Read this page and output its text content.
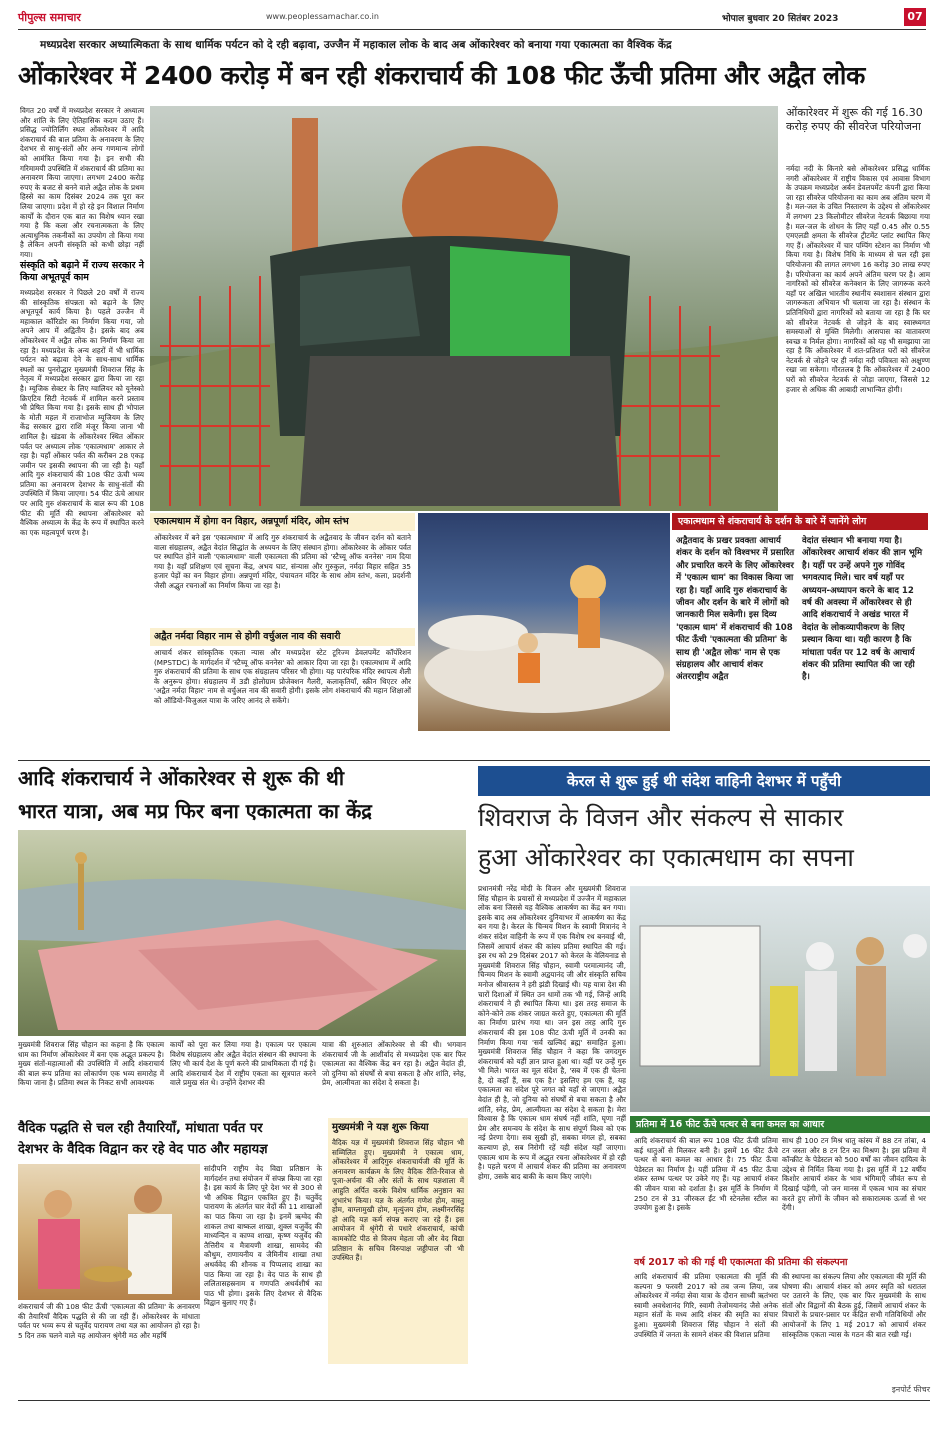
पीपुल्स समाचार	www.peoplessamachar.co.in	भोपाल बुधवार 20 सितंबर 2023	07
मध्यप्रदेश सरकार अध्यात्मिकता के साथ धार्मिक पर्यटन को दे रही बढ़ावा, उज्जैन में महाकाल लोक के बाद अब ओंकारेश्वर को बनाया गया एकात्मता का वैश्विक केंद्र
ओंकारेश्वर में 2400 करोड़ में बन रही शंकराचार्य की 108 फीट ऊँची प्रतिमा और अद्वैत लोक
विगत 20 वर्षों में मध्यप्रदेश सरकार ने अध्यात्म और शांति के लिए ऐतिहासिक कदम उठाए हैं। प्रसिद्ध ज्योतिर्लिंग स्थल ओंकारेश्वर में आदि शंकराचार्य की बाल प्रतिमा के अनावरण के लिए देशभर से साधु-संतों और अन्य गणमान्य लोगों को आमंत्रित किया गया है। इन सभी की गरिमामयी उपस्थिति में शंकराचार्य की प्रतिमा का अनावरण किया जाएगा। लगभग 2400 करोड़ रुपए के बजट से बनने वाले अद्वैत लोक के प्रथम हिस्से का काम दिसंबर 2024 तक पूरा कर लिया जाएगा। प्रदेश में हो रहे इन विशाल निर्माण कार्यों के दौरान एक बात का विशेष ध्यान रखा गया है कि कला और रचनात्मकता के लिए अत्याधुनिक तकनीकों का उपयोग तो किया गया है लेकिन अपनी संस्कृति को कभी छोड़ा नहीं गया।
संस्कृति को बढ़ाने में राज्य सरकार ने किया अभूतपूर्व काम
मध्यप्रदेश सरकार ने पिछले 20 वर्षों में राज्य की सांस्कृतिक संपन्नता को बढ़ाने के लिए अभूतपूर्व कार्य किया है। पहले उज्जैन में महाकाल कॉरिडोर का निर्माण किया गया, जो अपने आप में अद्वितीय है। इसके बाद अब ओंकारेश्वर में अद्वैत लोक का निर्माण किया जा रहा है। मध्यप्रदेश के अन्य शहरों में भी धार्मिक पर्यटन को बढ़ावा देने के साथ-साथ धार्मिक स्थलों का पुनरोद्धार मुख्यमंत्री शिवराज सिंह के नेतृत्व में मध्यप्रदेश सरकार द्वारा किया जा रहा है। म्यूजिक सेक्टर के लिए ग्वालियर को यूनेस्को क्रिएटिव सिटी नेटवर्क में शामिल करने प्रस्ताव भी प्रेषित किया गया है। इसके साथ ही भोपाल के मोती महल में राजाभोज म्यूजियम के लिए केंद्र सरकार द्वारा राशि मंजूर किया जाना भी शामिल है। खंडवा के ओंकारेश्वर स्थित ओंकार पर्वत पर अध्यात्म लोक 'एकात्मधाम' आकार ले रहा है। यहाँ ओंकार पर्वत की करीबन 28 एकड़ जमीन पर इसकी स्थापना की जा रही है। यहाँ आदि गुरु शंकराचार्य की 108 फीट ऊंची भव्य प्रतिमा का अनावरण देशभर के साधु-संतों की उपस्थिति में किया जाएगा। 54 फीट ऊंचे आधार पर आदि गुरु शंकराचार्य के बाल रूप की 108 फीट की मूर्ति की स्थापना ओंकारेश्वर को वैश्विक अध्यात्म के केंद्र के रूप में स्थापित करने का एक महत्वपूर्ण चरण है।
ओंकारेश्वर में शुरू की गई 16.30 करोड़ रुपए की सीवरेज परियोजना
नर्मदा नदी के किनारे बसे ओंकारेश्वर प्रसिद्ध धार्मिक नगरी ओंकारेश्वर में राष्ट्रीय विकास एवं आवास विभाग के उपक्रम मध्यप्रदेश अर्बन डेवलपमेंट कंपनी द्वारा किया जा रहा सीवरेज परियोजना का काम अब अंतिम चरण में है। मल-जल के उचित निस्तारण के उद्देश्य से ओंकारेश्वर में लगभग 23 किलोमीटर सीवरेज नेटवर्क बिछाया गया है। मल-जल के शोधन के लिए यहाँ 0.45 और 0.55 एमएलडी क्षमता के सीवरेज ट्रीटमेंट प्लांट स्थापित किए गए हैं। ओंकारेश्वर में चार पम्पिंग स्टेशन का निर्माण भी किया गया है। विशेष निधि के माध्यम से चल रही इस परियोजना की लागत लगभग 16 करोड़ 30 लाख रुपए है। परियोजना का कार्य अपने अंतिम चरण पर है। आम नागरिकों को सीवरेज कनेक्शन के लिए जागरूक करने यहाँ पर अखिल भारतीय स्थानीय स्वशासन संस्थान द्वारा जागरूकता अभियान भी चलाया जा रहा है। संस्थान के प्रतिनिधियों द्वारा नागरिकों को बताया जा रहा है कि घर को सीवरेज नेटवर्क से जोड़ने के बाद स्वास्थ्यगत समस्याओं से मुक्ति मिलेगी। आसपास का वातावरण स्वच्छ व निर्मल होगा। नागरिकों को यह भी समझाया जा रहा है कि ओंकारेश्वर में शत-प्रतिशत घरों को सीवरेज नेटवर्क से जोड़ने पर ही नर्मदा नदी पवित्रता को अक्षुण्ण रखा जा सकेगा। गौरतलब है कि ओंकारेश्वर में 2400 घरों को सीवरेज नेटवर्क से जोड़ा जाएगा, जिससे 12 हजार से अधिक की आबादी लाभान्वित होगी।
एकात्मधाम में होगा वन विहार, अन्नपूर्णा मंदिर, ओम स्तंभ
ओंकारेश्वर में बने इस 'एकात्मधाम' में आदि गुरु शंकराचार्य के अद्वैतवाद के जीवन दर्शन को बताने वाला संग्रहालय, अद्वैत वेदांत सिद्धांत के अध्ययन के लिए संस्थान होगा। ओंकारेश्वर के ओंकार पर्वत पर स्थापित होने वाली 'एकात्मधाम' वाली एकात्मता की प्रतिमा को 'स्टैच्यू ऑफ वननेस' नाम दिया गया है। यहाँ प्रशिक्षण एवं सूचना केंद्र, अभय घाट, संन्यास और गुरुकुल, नर्मदा विहार सहित 35 हजार पेड़ों का वन विहार होगा। अन्नपूर्णा मंदिर, पंचायतन मंदिर के साथ ओम स्तंभ, कला, प्रदर्शनी जैसी अद्भुत रचनाओं का निर्माण किया जा रहा है।
अद्वैत नर्मदा विहार नाम से होगी वर्चुअल नाव की सवारी
आचार्य शंकर सांस्कृतिक एकता न्यास और मध्यप्रदेश स्टेट टूरिज्म डेवलपमेंट कॉर्पोरेशन (MPSTDC) के मार्गदर्शन में 'स्टैच्यू ऑफ वननेस' को आकार दिया जा रहा है। एकात्मधाम में आदि गुरु शंकराचार्य की प्रतिमा के साथ एक संग्रहालय परिसर भी होगा। यह पारंपरिक मंदिर स्थापत्य शैली के अनुरूप होगा। संग्रहालय में 3डी होलोग्राम प्रोजेक्शन गैलरी, कलाकृतियाँ, स्क्रीन थिएटर और 'अद्वैत नर्मदा विहार' नाम से वर्चुअल नाव की सवारी होगी। इसके लोग शंकराचार्य की महान शिक्षाओं को ऑडियो-विजुअल यात्रा के जरिए आनंद ले सकेंगे।
एकात्मधाम से शंकराचार्य के दर्शन के बारे में जानेंगे लोग
अद्वैतवाद के प्रखर प्रवक्ता आचार्य शंकर के दर्शन को विश्वभर में प्रसारित और प्रचारित करने के लिए ओंकारेश्वर में 'एकात्म धाम' का विकास किया जा रहा है। यहाँ आदि गुरु शंकराचार्य के जीवन और दर्शन के बारे में लोगों को जानकारी मिल सकेगी। इस दिव्य 'एकात्म धाम' में शंकराचार्य की 108 फीट ऊँची 'एकात्मता की प्रतिमा' के साथ ही 'अद्वैत लोक' नाम से एक संग्रहालय और आचार्य शंकर अंतरराष्ट्रीय अद्वैत
वेदांत संस्थान भी बनाया गया है। ओंकारेश्वर आचार्य शंकर की ज्ञान भूमि है। यहीं पर उन्हें अपने गुरु गोविंद भगवत्पाद मिले। चार वर्ष यहाँ पर अध्ययन-अध्यापन करने के बाद 12 वर्ष की अवस्था में ओंकारेश्वर से ही आदि शंकराचार्य ने अखंड भारत में वेदांत के लोकव्यापीकरण के लिए प्रस्थान किया था। यही कारण है कि मांधाता पर्वत पर 12 वर्ष के आचार्य शंकर की प्रतिमा स्थापित की जा रही है।
आदि शंकराचार्य ने ओंकारेश्वर से शुरू की थी
भारत यात्रा, अब मप्र फिर बना एकात्मता का केंद्र
मुख्यमंत्री शिवराज सिंह चौहान का कहना है कि एकात्म धाम का निर्माण ओंकारेश्वर में बना एक अद्भुत प्रकल्प है। मुख्य संतों-महात्माओं की उपस्थिति में आदि शंकराचार्य की बाल रूप प्रतिमा का लोकार्पण एक भव्य समारोह में किया जाना है। प्रतिमा स्थल के निकट सभी आवश्यक
कार्यों को पूरा कर लिया गया है। एकात्म पर एकात्म विशेष संग्रहालय और अद्वैत वेदांत संस्थान की स्थापना के लिए भी कार्य देश के पूर्ण करने की प्राथमिकता दी गई है। आदि शंकराचार्य देश में राष्ट्रीय एकता का सूत्रपात करने वाले प्रमुख संत थे। उन्होंने देशभर की
यात्रा की शुरुआत ओंकारेश्वर से की थी। भगवान शंकराचार्य जी के आशीर्वाद से मध्यप्रदेश एक बार फिर एकात्मता का वैश्विक केंद्र बन रहा है। अद्वैत वेदांत ही, जो दुनिया को संघर्षों से बचा सकता है और शांति, स्नेह, प्रेम, आत्मीयता का संदेश दे सकता है।
केरल से शुरू हुई थी संदेश वाहिनी देशभर में पहुँची
शिवराज के विजन और संकल्प से साकार
हुआ ओंकारेश्वर का एकात्मधाम का सपना
प्रधानमंत्री नरेंद्र मोदी के विजन और मुख्यमंत्री शिवराज सिंह चौहान के प्रयासों से मध्यप्रदेश में उज्जैन में महाकाल लोक बना जिससे यह वैश्विक आकर्षण का केंद्र बन गया। इसके बाद अब ओंकारेश्वर दुनियाभर में आकर्षण का केंद्र बन गया है। केरल के चिन्मय मिशन के स्वामी मित्रानंद ने शंकर संदेश वाहिनी के रूप में एक विशेष रथ बनवाई थी, जिसमें आचार्य शंकर की कांस्य प्रतिमा स्थापित की गई। इस रथ को 29 दिसंबर 2017 को केरल के वेलियनाड से मुख्यमंत्री शिवराज सिंह चौहान, स्वामी परमात्मानंद जी, चिन्मय मिशन के स्वामी अद्वयानंद जी और संस्कृति सचिव मनोज श्रीवास्तव ने हरी झंडी दिखाई थी। यह यात्रा देश की चारों दिशाओं में स्थित उन धामों तक भी गई, जिन्हें आदि शंकराचार्य ने ही स्थापित किया था। इस तरह समाज के कोने-कोने तक शंकर जाग्रत करते हुए, एकात्मता की मूर्ति का निर्माण प्रारंभ गया था। जन इस तरह आदि गुरु शंकराचार्य की इस 108 फीट ऊंची मूर्ति में उनकी का निर्माण किया गया 'सर्व खल्विदं ब्रह्म' समाहित हुआ। मुख्यमंत्री शिवराज सिंह चौहान ने कहा कि जगदगुरु शंकराचार्य को यहीं ज्ञान प्राप्त हुआ था। यहीं पर उन्हें गुरु भी मिले। भारत का मूल संदेश है, 'सब में एक ही चेतना है, दो कहाँ हैं, सब एक है।' इसलिए हम एक हैं, यह एकात्मता का संदेश पूरे जगत को यहाँ से जाएगा। अद्वैत वेदांत ही है, जो दुनिया को संघर्षों से बचा सकता है और शांति, स्नेह, प्रेम, आत्मीयता का संदेश दे सकता है। मेरा विश्वास है कि एकात्म धाम संघर्ष नहीं शांति, घृणा नहीं प्रेम और समन्वय के संदेश के साथ संपूर्ण विश्व को एक नई प्रेरणा देगा। सब सुखी हों, सबका मंगल हो, सबका कल्याण हो, सब निरोगी रहें यही संदेश यहाँ जाएगा। एकात्म धाम के रूप में अद्भुत रचना ओंकारेश्वर में हो रही है। पहले चरण में आचार्य शंकर की प्रतिमा का अनावरण होगा, उसके बाद बाकी के काम किए जाएंगे।
प्रतिमा में 16 फीट ऊँचे पत्थर से बना कमल का आधार
आदि शंकराचार्य की बाल रूप 108 फीट ऊँची प्रतिमा कई धातुओं से मिलकर बनी है। इसमें 16 फीट ऊँचे पत्थर से बना कमल का आधार है। 75 फीट ऊँचा पेडेस्टल का निर्माण है। यहीं प्रतिमा में 45 फीट ऊँचा शंकर स्तम्भ पत्थर पर उकेरे गए हैं। यह आचार्य शंकर की जीवन यात्रा को दर्शाता है। इस मूर्ति के निर्माण में 250 टन से 31 जीरकल ईंट भी स्टेनलेस स्टील का उपयोग हुआ है। इसके
साथ ही 100 टन मिश्र धातु कांस्य में 88 टन तांबा, 4 टन जस्ता और 8 टन टिन का मिश्रण है। इस प्रतिमा में कॉन्क्रीट के पेडेस्टल को 500 वर्षों का जीवन दायित्व के उद्देश्य से निर्मित किया गया है। इस मूर्ति में 12 वर्षीय किशोर आचार्य शंकर के भाव भंगिमाएँ जीवंत रूप से दिखाई पड़ेंगी, जो जन मानस में एकत्व भाव का संचार करते हुए लोगों के जीवन को सकारात्मक ऊर्जा से भर देंगी।
वैदिक पद्धति से चल रही तैयारियाँ, मांधाता पर्वत पर
देशभर के वैदिक विद्वान कर रहे वेद पाठ और महायज्ञ
शंकराचार्य जी की 108 फीट ऊँची 'एकात्मता की प्रतिमा' के अनावरण की तैयारियाँ वैदिक पद्धति से की जा रही हैं। ओंकारेश्वर के मांधाता पर्वत पर भव्य रूप से चतुर्वेद पारायण तथा यज्ञ का आयोजन हो रहा है। 5 दिन तक चलने वाले यह आयोजन श्रृंगेरी मठ और महर्षि
सांदीपनि राष्ट्रीय वेद विद्या प्रतिष्ठान के मार्गदर्शन तथा संयोजन में संपन्न किया जा रहा है। इस कार्य के लिए पूरे देश भर से 300 से भी अधिक विद्वान एकत्रित हुए हैं। चतुर्वेद पारायण के अंतर्गत चार वेदों की 11 शाखाओं का पाठ किया जा रहा है। इनमें ऋग्वेद की शाकल तथा बाष्कल शाखा, शुक्ल यजुर्वेद की माध्यन्दिन व काण्व शाखा, कृष्ण यजुर्वेद की तैत्तिरीय व मैत्रायणी शाखा, सामवेद की कौथुम, राणायनीय व जैमिनीय शाखा तथा अथर्ववेद की शौनक व पिप्पलाद शाखा का पाठ किया जा रहा है। वेद पाठ के साथ ही ललितासहस्रनाम व गणपति अथर्वशीर्ष का पाठ भी होगा। इसके लिए देशभर से वैदिक विद्वान बुलाए गए हैं।
मुख्यमंत्री ने यज्ञ शुरू किया
वैदिक यज्ञ में मुख्यमंत्री शिवराज सिंह चौहान भी सम्मिलित हुए। मुख्यमंत्री ने एकात्म धाम, ओंकारेश्वर में आदिगुरु शंकराचार्यजी की मूर्ति के अनावरण कार्यक्रम के लिए वैदिक रीति-रिवाज से पूजा-अर्चना की और संतों के साथ यज्ञशाला में आहुति अर्पित करके विशेष धार्मिक अनुष्ठान का शुभारंभ किया। यज्ञ के अंतर्गत गणेश होम, वास्तु होम, वाग्लामुखी होम, मृत्युंजय होम, लक्ष्मीनरसिंह हो आदि यज्ञ कर्म संपन्न कराए जा रहे हैं। इस आयोजन में श्रृंगेरी से पधारे शंकराचार्य, कांची कामकोटि पीठ से विजय मेहता जी और वेद विद्या प्रतिष्ठान के सचिव विरुपाक्ष जड्डीपाल जी भी उपस्थित हैं।	वर्ष 2017 को की गई थी एकात्मता की प्रतिमा की संकल्पना
आदि शंकराचार्य की प्रतिमा एकात्मता की मूर्ति की कल्पना 9 फरवरी 2017 को तब जन्म लिया, जब ओंकारेश्वर में नर्मदा सेवा यात्रा के दौरान साध्वी ऋतंभरा स्वामी अवधेशानंद गिरि, स्वामी तेजोमयानंद जैसे अनेक महान संतों के मध्य आदि शंकर की स्मृति का संचार हुआ। मुख्यमंत्री शिवराज सिंह चौहान ने संतों की उपस्थिति में जनता के सामने शंकर की विशाल प्रतिमा
की स्थापना का संकल्प लिया और एकात्मता की मूर्ति की घोषणा की। आचार्य शंकर को अमर स्मृति को धरातल पर उतारने के लिए, एक बार फिर मुख्यमंत्री के साथ संतों और विद्वानों की बैठक हुई, जिसमें आचार्य शंकर के विचारों के प्रचार-प्रसार पर केंद्रित सभी गतिविधियों और आयोजनों के लिए 1 मई 2017 को आचार्य शंकर सांस्कृतिक एकता न्यास के गठन की बात रखी गई।
इनपोर्ट फीचर
